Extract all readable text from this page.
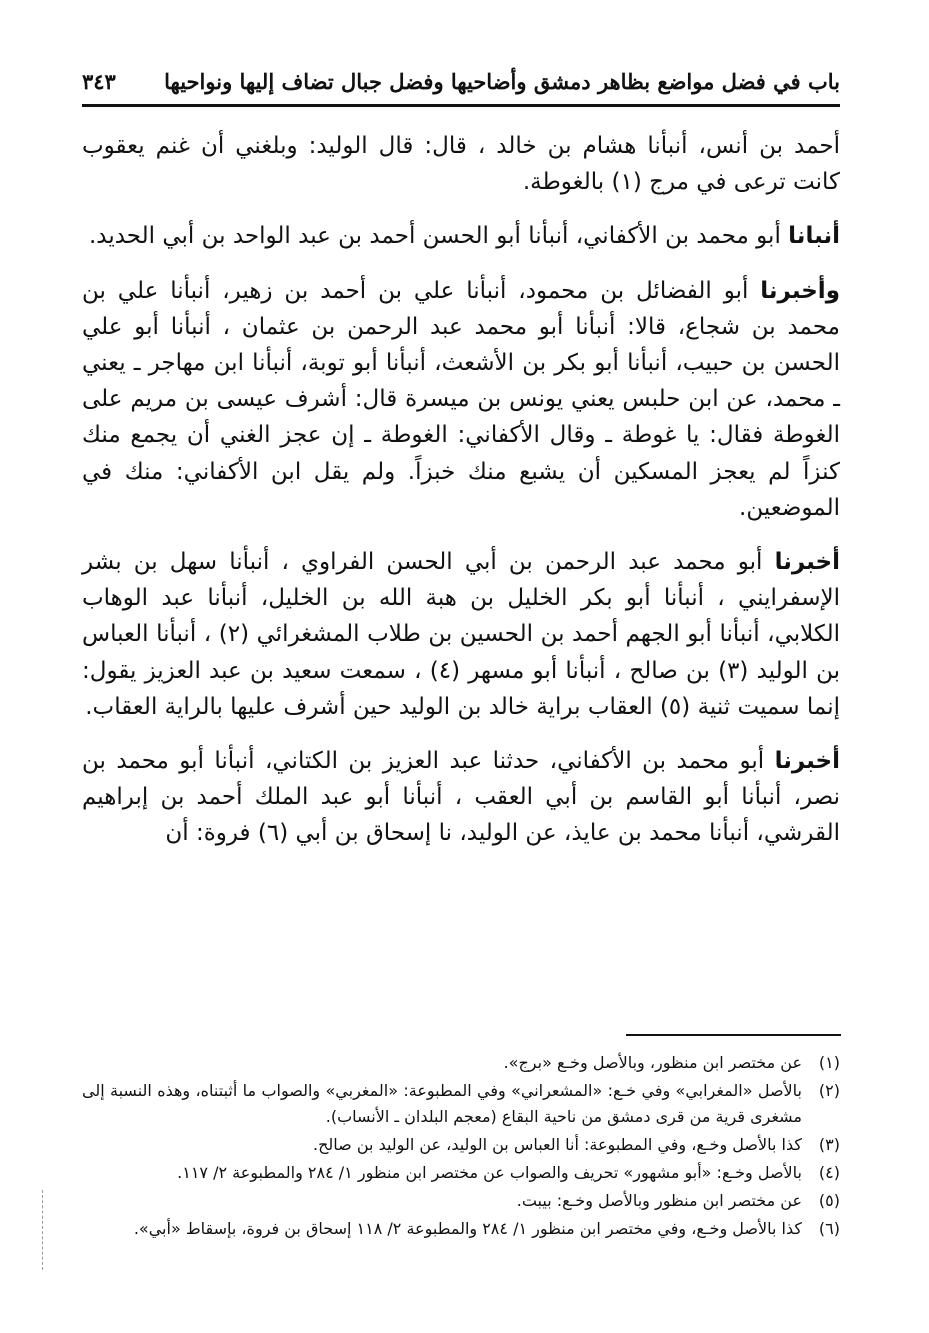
باب في فضل مواضع بظاهر دمشق وأضاحيها وفضل جبال تضاف إليها ونواحيها
٣٤٣

أحمد بن أنس، أنبأنا هشام بن خالد ، قال: قال الوليد: وبلغني أن غنم يعقوب كانت ترعى في مرج (١) بالغوطة.

أنبانا أبو محمد بن الأكفاني، أنبأنا أبو الحسن أحمد بن عبد الواحد بن أبي الحديد.

وأخبرنا أبو الفضائل بن محمود، أنبأنا علي بن أحمد بن زهير، أنبأنا علي بن محمد بن شجاع، قالا: أنبأنا أبو محمد عبد الرحمن بن عثمان ، أنبأنا أبو علي الحسن بن حبيب، أنبأنا أبو بكر بن الأشعث، أنبأنا أبو توبة، أنبأنا ابن مهاجر ـ يعني ـ محمد، عن ابن حلبس يعني يونس بن ميسرة قال: أشرف عيسى بن مريم على الغوطة فقال: يا غوطة ـ وقال الأكفاني: الغوطة ـ إن عجز الغني أن يجمع منك كنزاً لم يعجز المسكين أن يشبع منك خبزاً. ولم يقل ابن الأكفاني: منك في الموضعين.

أخبرنا أبو محمد عبد الرحمن بن أبي الحسن الفراوي ، أنبأنا سهل بن بشر الإسفرايني ، أنبأنا أبو بكر الخليل بن هبة الله بن الخليل، أنبأنا عبد الوهاب الكلابي، أنبأنا أبو الجهم أحمد بن الحسين بن طلاب المشغرائي (٢) ، أنبأنا العباس بن الوليد (٣) بن صالح ، أنبأنا أبو مسهر (٤) ، سمعت سعيد بن عبد العزيز يقول: إنما سميت ثنية (٥) العقاب براية خالد بن الوليد حين أشرف عليها بالراية العقاب.

أخبرنا أبو محمد بن الأكفاني، حدثنا عبد العزيز بن الكتاني، أنبأنا أبو محمد بن نصر، أنبأنا أبو القاسم بن أبي العقب ، أنبأنا أبو عبد الملك أحمد بن إبراهيم القرشي، أنبأنا محمد بن عايذ، عن الوليد، نا إسحاق بن أبي (٦) فروة: أن

(١)
عن مختصر ابن منظور، وبالأصل وخـع «برج».
(٢)
بالأصل «المغرابي» وفي خـع: «المشعراني» وفي المطبوعة: «المغربي» والصواب ما أثبتناه، وهذه النسبة إلى مشغرى قرية من قرى دمشق من ناحية البقاع (معجم البلدان ـ الأنساب).
(٣)
كذا بالأصل وخـع، وفي المطبوعة: أنا العباس بن الوليد، عن الوليد بن صالح.
(٤)
بالأصل وخـع: «أبو مشهور» تحريف والصواب عن مختصر ابن منظور ١/ ٢٨٤ والمطبوعة ٢/ ١١٧.
(٥)
عن مختصر ابن منظور وبالأصل وخـع: بيبت.
(٦)
كذا بالأصل وخـع، وفي مختصر ابن منظور ١/ ٢٨٤ والمطبوعة ٢/ ١١٨ إسحاق بن فروة، بإسقاط «أبي».
